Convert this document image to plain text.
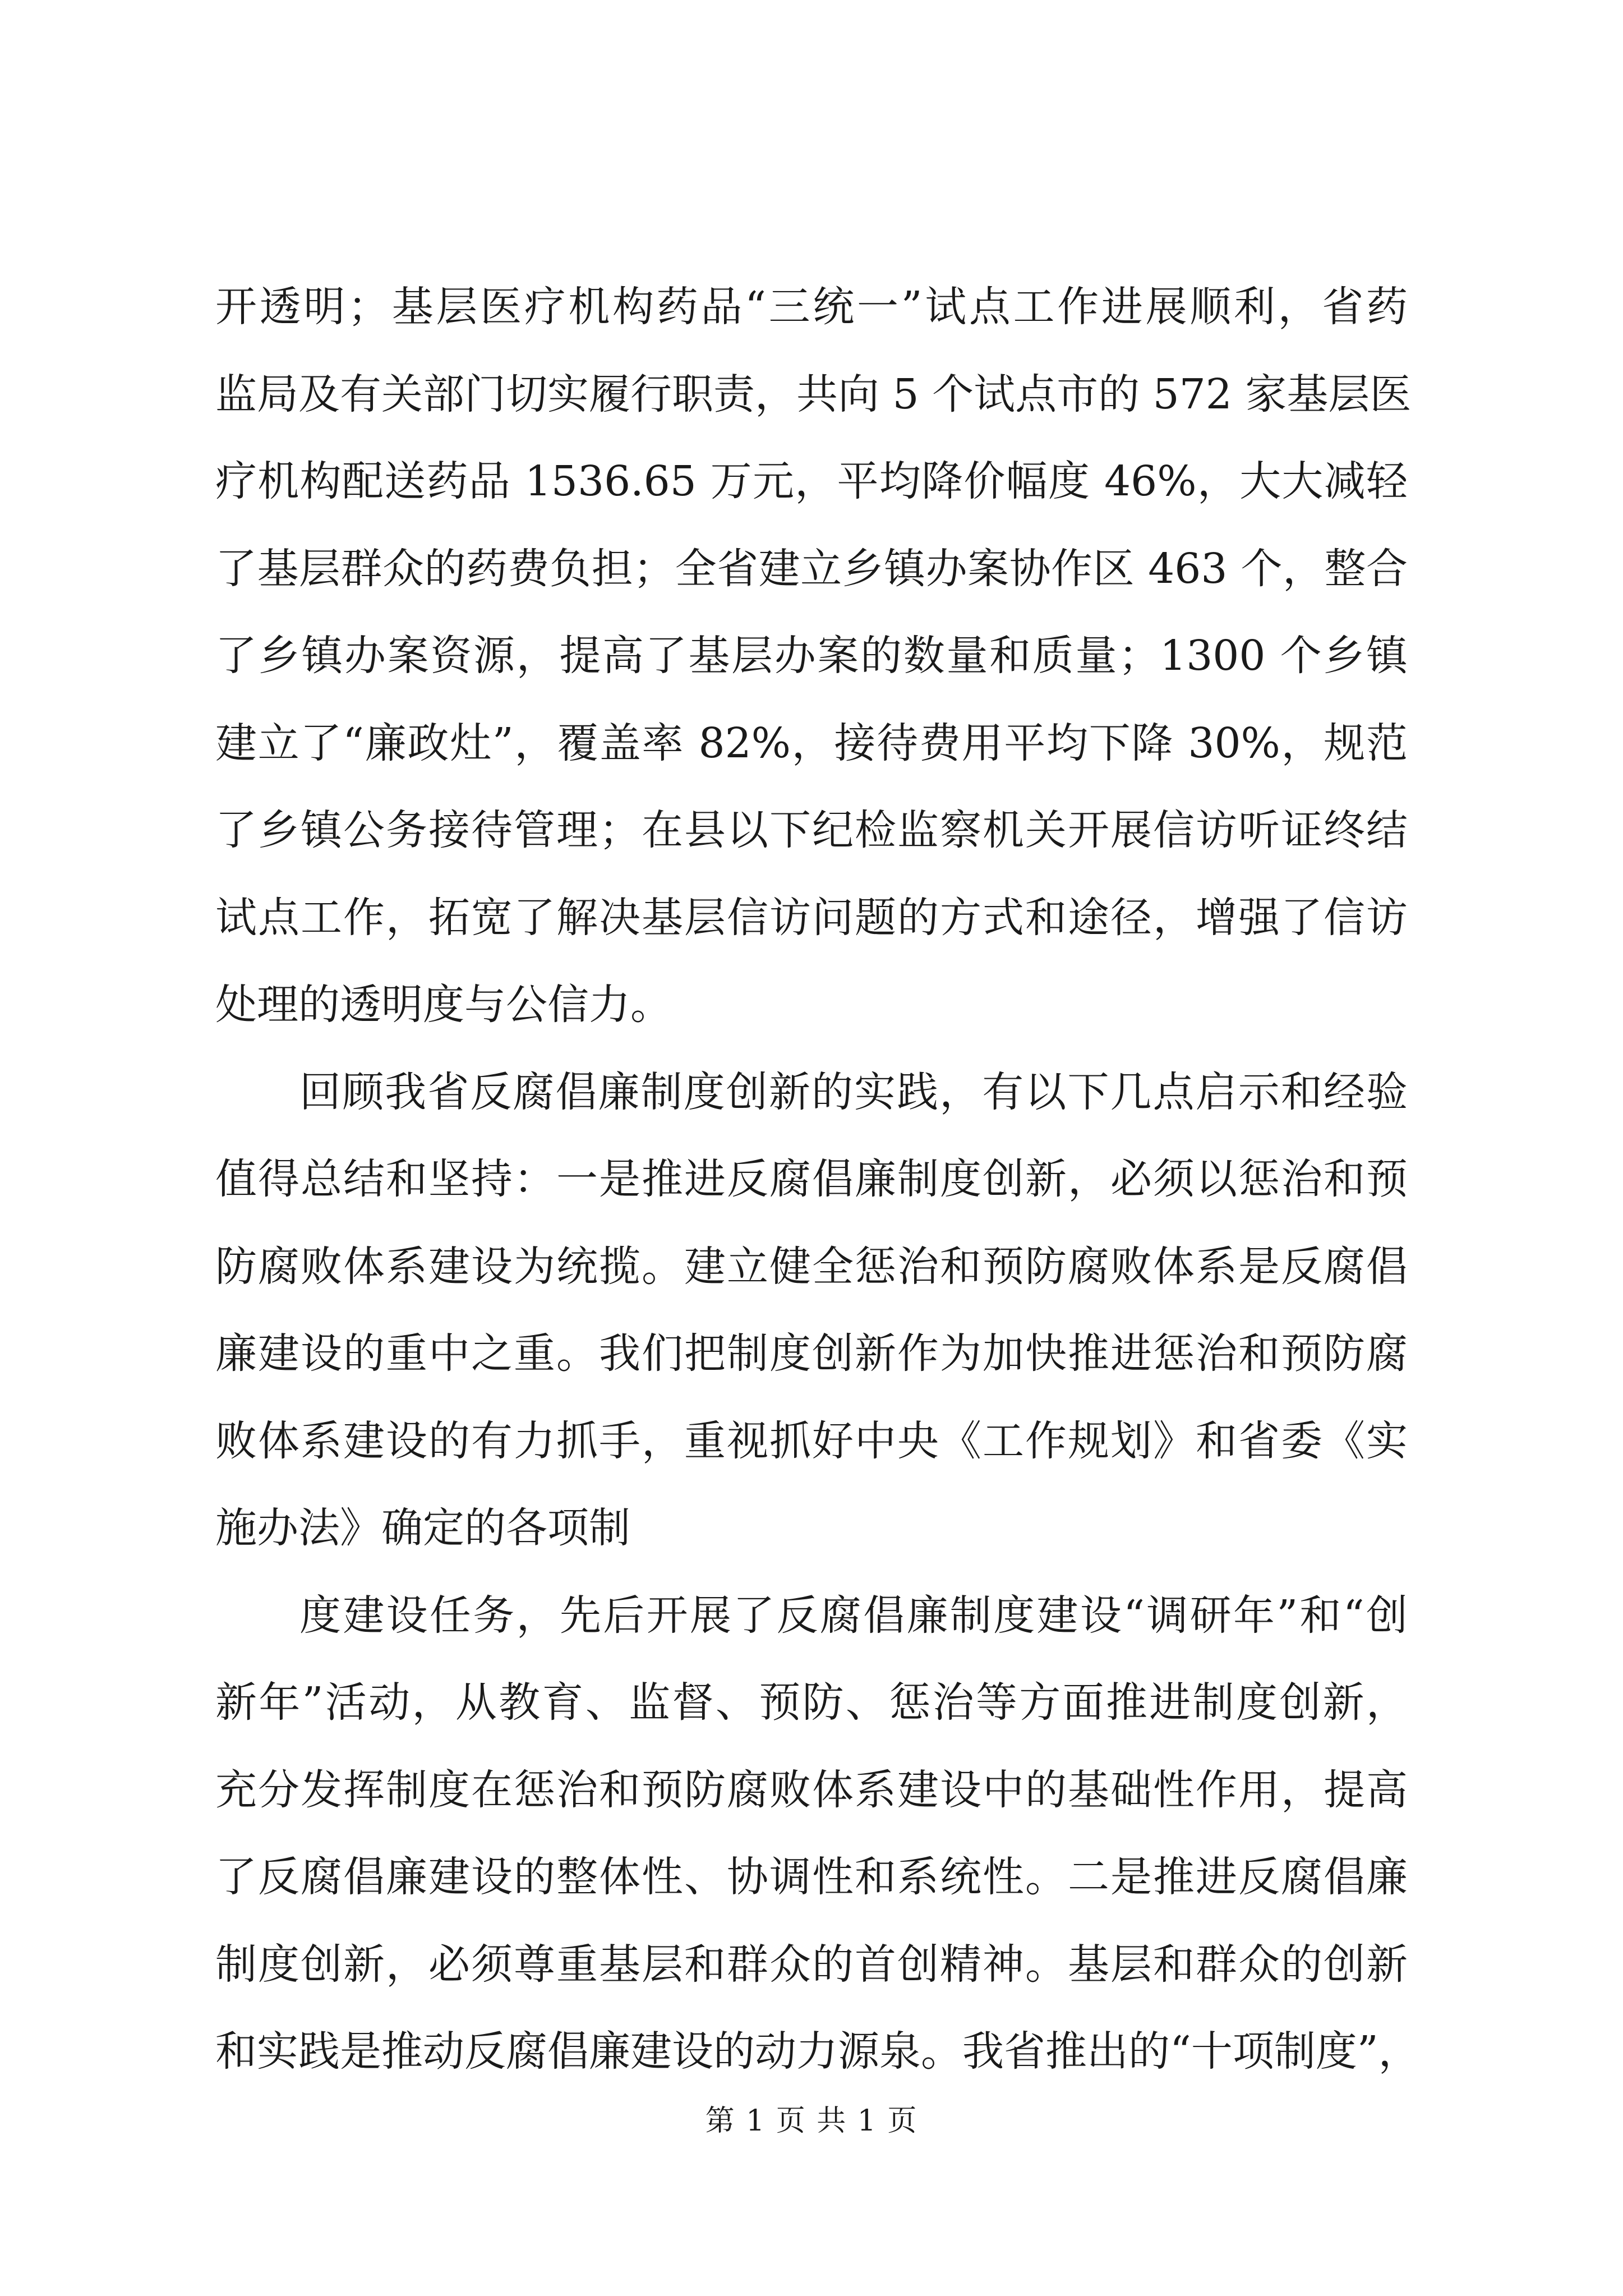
开透明；基层医疗机构药品“三统一”试点工作进展顺利，省药
监局及有关部门切实履行职责，共向 5 个试点市的 572 家基层医
疗机构配送药品 1536.65 万元，平均降价幅度 46%，大大减轻
了基层群众的药费负担；全省建立乡镇办案协作区 463 个，整合
了乡镇办案资源，提高了基层办案的数量和质量；1300 个乡镇
建立了“廉政灶”，覆盖率 82%，接待费用平均下降 30%，规范
了乡镇公务接待管理；在县以下纪检监察机关开展信访听证终结
试点工作，拓宽了解决基层信访问题的方式和途径，增强了信访
处理的透明度与公信力。
回顾我省反腐倡廉制度创新的实践，有以下几点启示和经验
值得总结和坚持：一是推进反腐倡廉制度创新，必须以惩治和预
防腐败体系建设为统揽。建立健全惩治和预防腐败体系是反腐倡
廉建设的重中之重。我们把制度创新作为加快推进惩治和预防腐
败体系建设的有力抓手，重视抓好中央《工作规划》和省委《实
施办法》确定的各项制
度建设任务，先后开展了反腐倡廉制度建设“调研年”和“创
新年”活动，从教育、监督、预防、惩治等方面推进制度创新，
充分发挥制度在惩治和预防腐败体系建设中的基础性作用，提高
了反腐倡廉建设的整体性、协调性和系统性。二是推进反腐倡廉
制度创新，必须尊重基层和群众的首创精神。基层和群众的创新
和实践是推动反腐倡廉建设的动力源泉。我省推出的“十项制度”，
第 1 页 共 1 页
